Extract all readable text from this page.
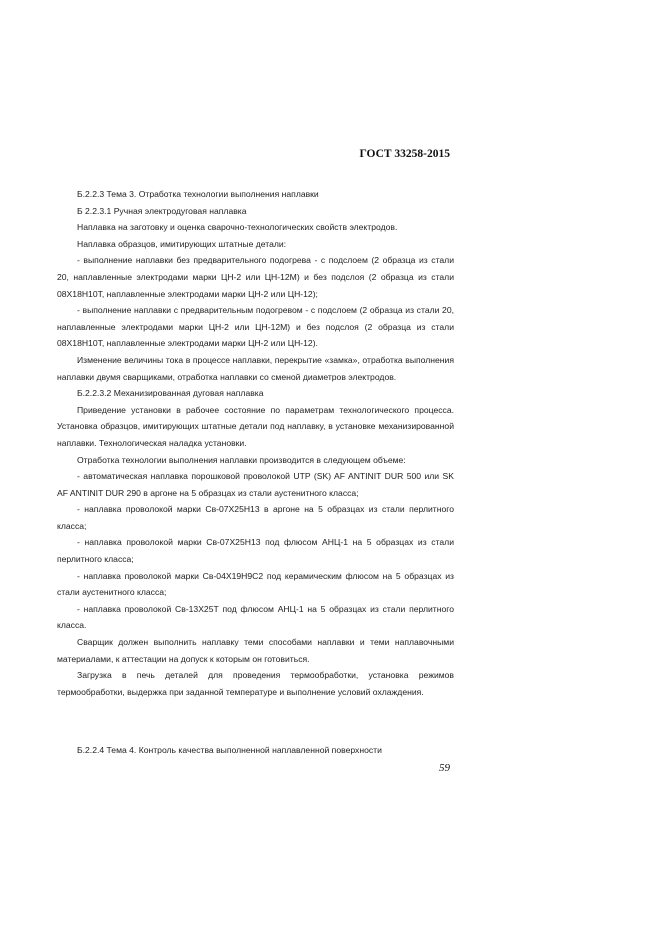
ГОСТ 33258-2015

Б.2.2.3 Тема 3. Отработка технологии выполнения наплавки

Б 2.2.3.1 Ручная электродуговая наплавка

Наплавка на заготовку и оценка сварочно-технологических свойств электродов.

Наплавка образцов, имитирующих штатные детали:

- выполнение наплавки без предварительного подогрева - с подслоем (2 образца из стали 20, наплавленные электродами марки ЦН-2 или ЦН-12М) и без подслоя (2 образца из стали 08Х18Н10Т, наплавленные электродами марки ЦН-2 или ЦН-12);

- выполнение наплавки с предварительным подогревом - с подслоем (2 образца из стали 20, наплавленные электродами марки ЦН-2 или ЦН-12М) и без подслоя (2 образца из стали 08Х18Н10Т, наплавленные электродами марки ЦН-2 или ЦН-12).

Изменение величины тока в процессе наплавки, перекрытие «замка», отработка выполнения наплавки двумя сварщиками, отработка наплавки со сменой диаметров электродов.

Б.2.2.3.2 Механизированная дуговая наплавка

Приведение установки в рабочее состояние по параметрам технологического процесса. Установка образцов, имитирующих штатные детали под наплавку, в установке механизированной наплавки. Технологическая наладка установки.

Отработка технологии выполнения наплавки производится в следующем объеме:

- автоматическая наплавка порошковой проволокой UTP (SK) AF ANTINIT DUR 500 или SK AF ANTINIT DUR 290 в аргоне на 5 образцах из стали аустенитного класса;

- наплавка проволокой марки Св-07Х25Н13 в аргоне на 5 образцах из стали перлитного класса;

- наплавка проволокой марки Св-07Х25Н13 под флюсом АНЦ-1 на 5 образцах из стали перлитного класса;

- наплавка проволокой марки Св-04Х19Н9С2 под керамическим флюсом на 5 образцах из стали аустенитного класса;

- наплавка проволокой Св-13Х25Т под флюсом АНЦ-1 на 5 образцах из стали перлитного класса.

Сварщик должен выполнить наплавку теми способами наплавки и теми наплавочными материалами, к аттестации на допуск к которым он готовиться.

Загрузка в печь деталей для проведения термообработки, установка режимов термообработки, выдержка при заданной температуре и выполнение условий охлаждения.

Б.2.2.4 Тема 4. Контроль качества выполненной наплавленной поверхности
59
